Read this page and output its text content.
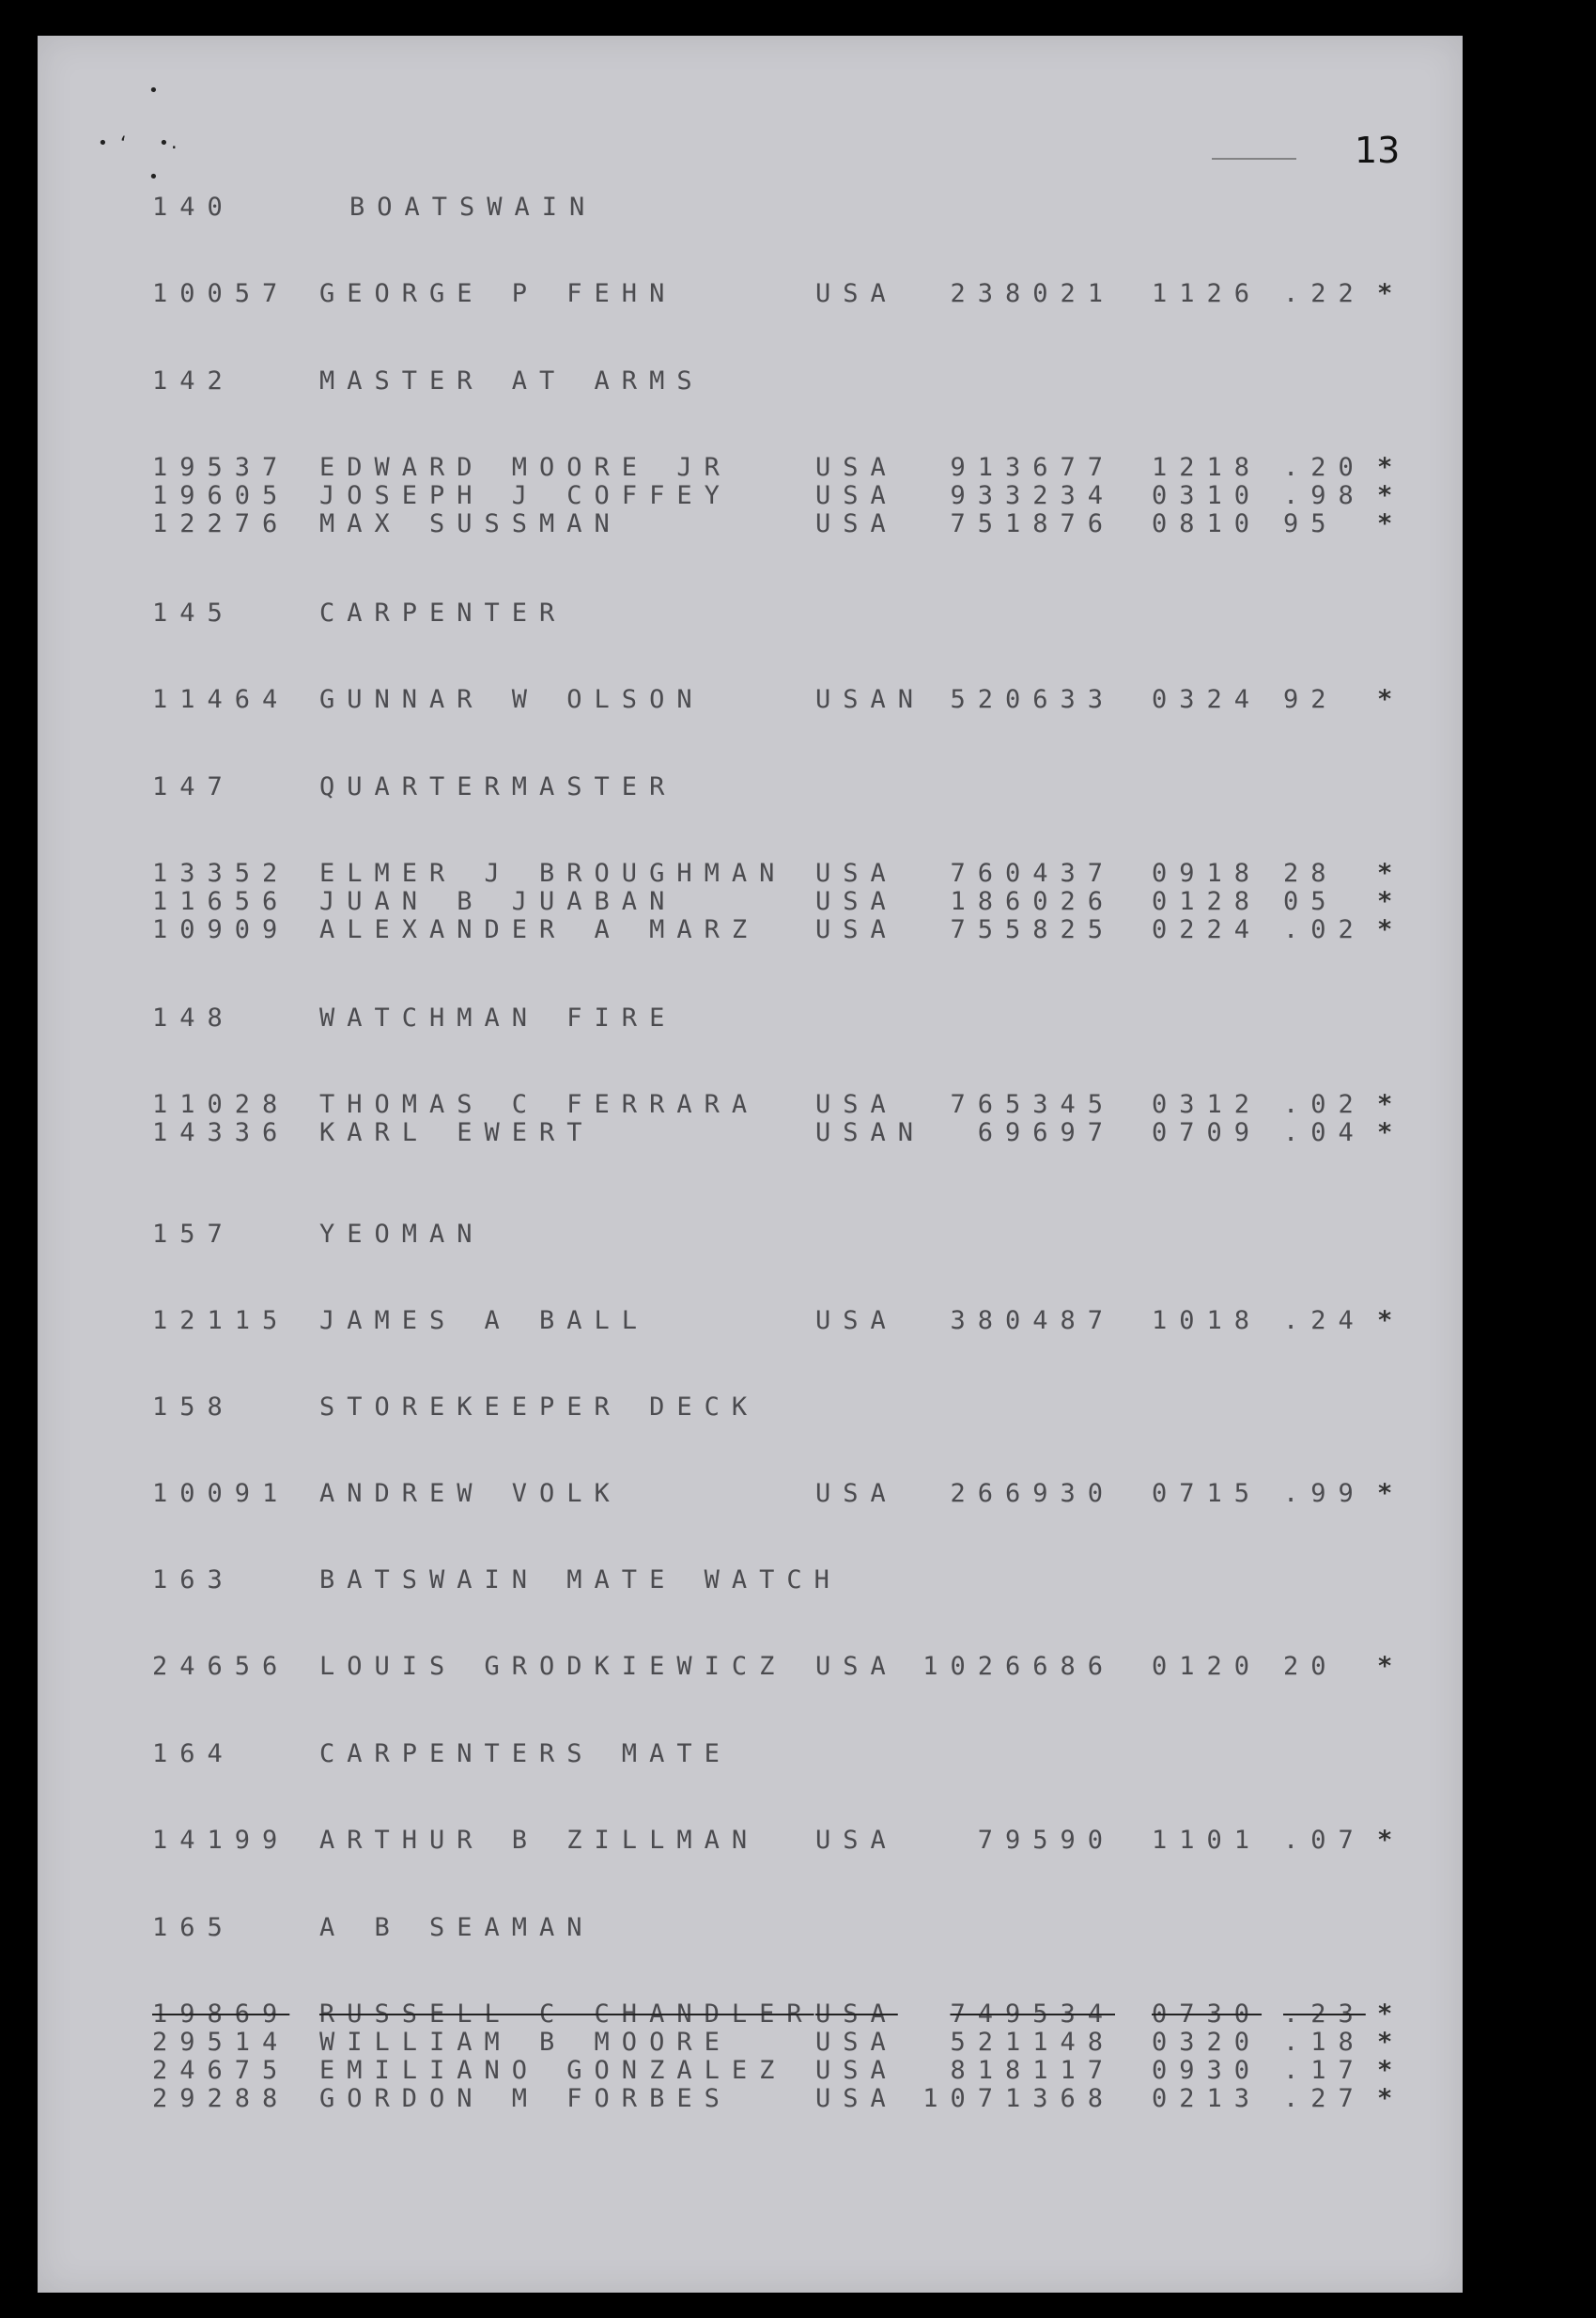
•
• ‘   •.
•
13
140	BOATSWAIN
10057 GEORGE P FEHN	USA 238021 1126 .22 *
142	MASTER AT ARMS
19537 EDWARD MOORE JR	USA 913677 1218 .20 *
19605 JOSEPH J COFFEY	USA 933234 0310 .98 *
12276 MAX SUSSMAN	USA 751876 0810 95 *
145	CARPENTER
11464 GUNNAR W OLSON	USAN 520633 0324 92 *
147	QUARTERMASTER
13352 ELMER J BROUGHMAN USA 760437 0918 28 *
11656 JUAN B JUABAN	USA 186026 0128 05 *
10909 ALEXANDER A MARZ USA 755825 0224 .02 *
148	WATCHMAN FIRE
11028 THOMAS C FERRARA USA 765345 0312 .02 *
14336 KARL EWERT	USAN 69697 0709 .04 *
157	YEOMAN
12115 JAMES A BALL	USA 380487 1018 .24 *
158	STOREKEEPER DECK
10091 ANDREW VOLK	USA 266930 0715 .99 *
163	BATSWAIN MATE WATCH
24656 LOUIS GRODKIEWICZ USA 1026686 0120 20 *
164	CARPENTERS MATE
14199 ARTHUR B ZILLMAN USA	79590 1101 .07 *
165	A B SEAMAN
19869 RUSSELL C CHANDLER USA 749534 0730 .23 *
29514 WILLIAM B MOORE	USA 521148 0320 .18 *
24675 EMILIANO GONZALEZ USA 818117 0930 .17 *
29288 GORDON M FORBES	USA 1071368 0213 .27 *
